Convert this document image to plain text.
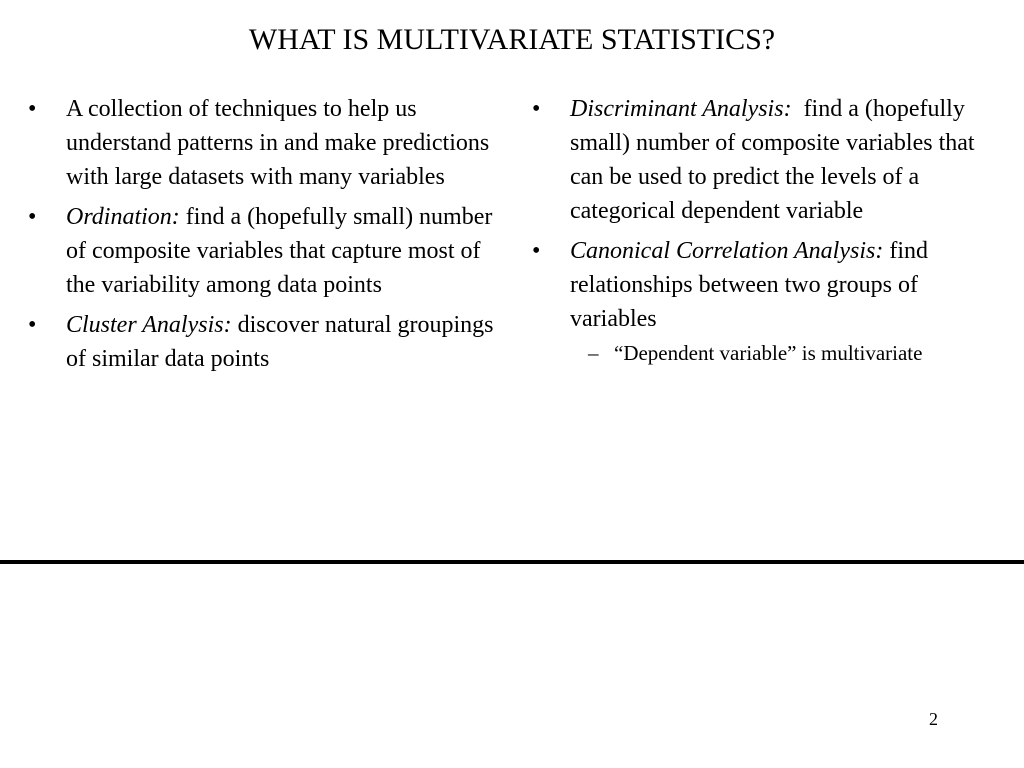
WHAT IS MULTIVARIATE STATISTICS?
• A collection of techniques to help us understand patterns in and make predictions with large datasets with many variables
• Ordination: find a (hopefully small) number of composite variables that capture most of the variability among data points
• Cluster Analysis: discover natural groupings of similar data points
• Discriminant Analysis:  find a (hopefully small) number of composite variables that can be used to predict the levels of a categorical dependent variable
• Canonical Correlation Analysis: find relationships between two groups of variables
– “Dependent variable” is multivariate
2
